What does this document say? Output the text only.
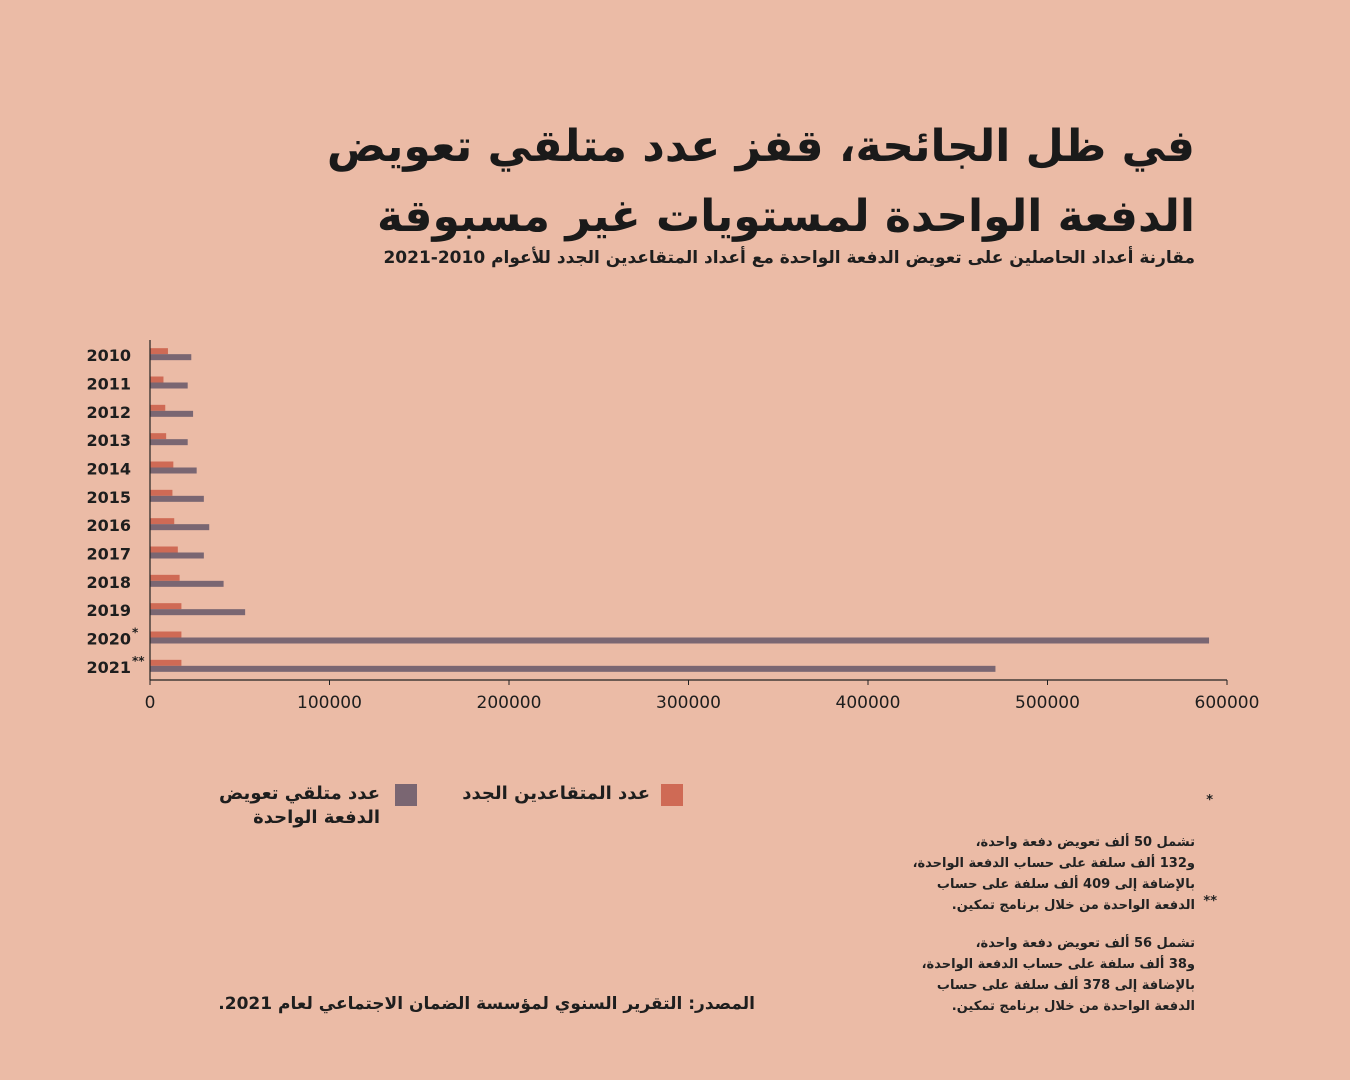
في ظل الجائحة، قفز عدد متلقي تعويض
الدفعة الواحدة لمستويات غير مسبوقة
مقارنة أعداد الحاصلين على تعويض الدفعة الواحدة مع أعداد المتقاعدين الجدد للأعوام 2010-2021
2010
2011
2012
2013
2014
2015
2016
2017
2018
2019
2020 *
2021 **
0	100000	200000	300000	400000	500000	600000
عدد متلقي تعويض
الدفعة الواحدة
عدد المتقاعدين الجدد	*

تشمل 50 ألف تعويض دفعة واحدة،
و132 ألف سلفة على حساب الدفعة الواحدة،
بالإضافة إلى 409 ألف سلفة على حساب
الدفعة الواحدة من خلال برنامج تمكين.	**

تشمل 56 ألف تعويض دفعة واحدة،
و38 ألف سلفة على حساب الدفعة الواحدة،
بالإضافة إلى 378 ألف سلفة على حساب
الدفعة الواحدة من خلال برنامج تمكين.

المصدر: التقرير السنوي لمؤسسة الضمان الاجتماعي لعام 2021.
